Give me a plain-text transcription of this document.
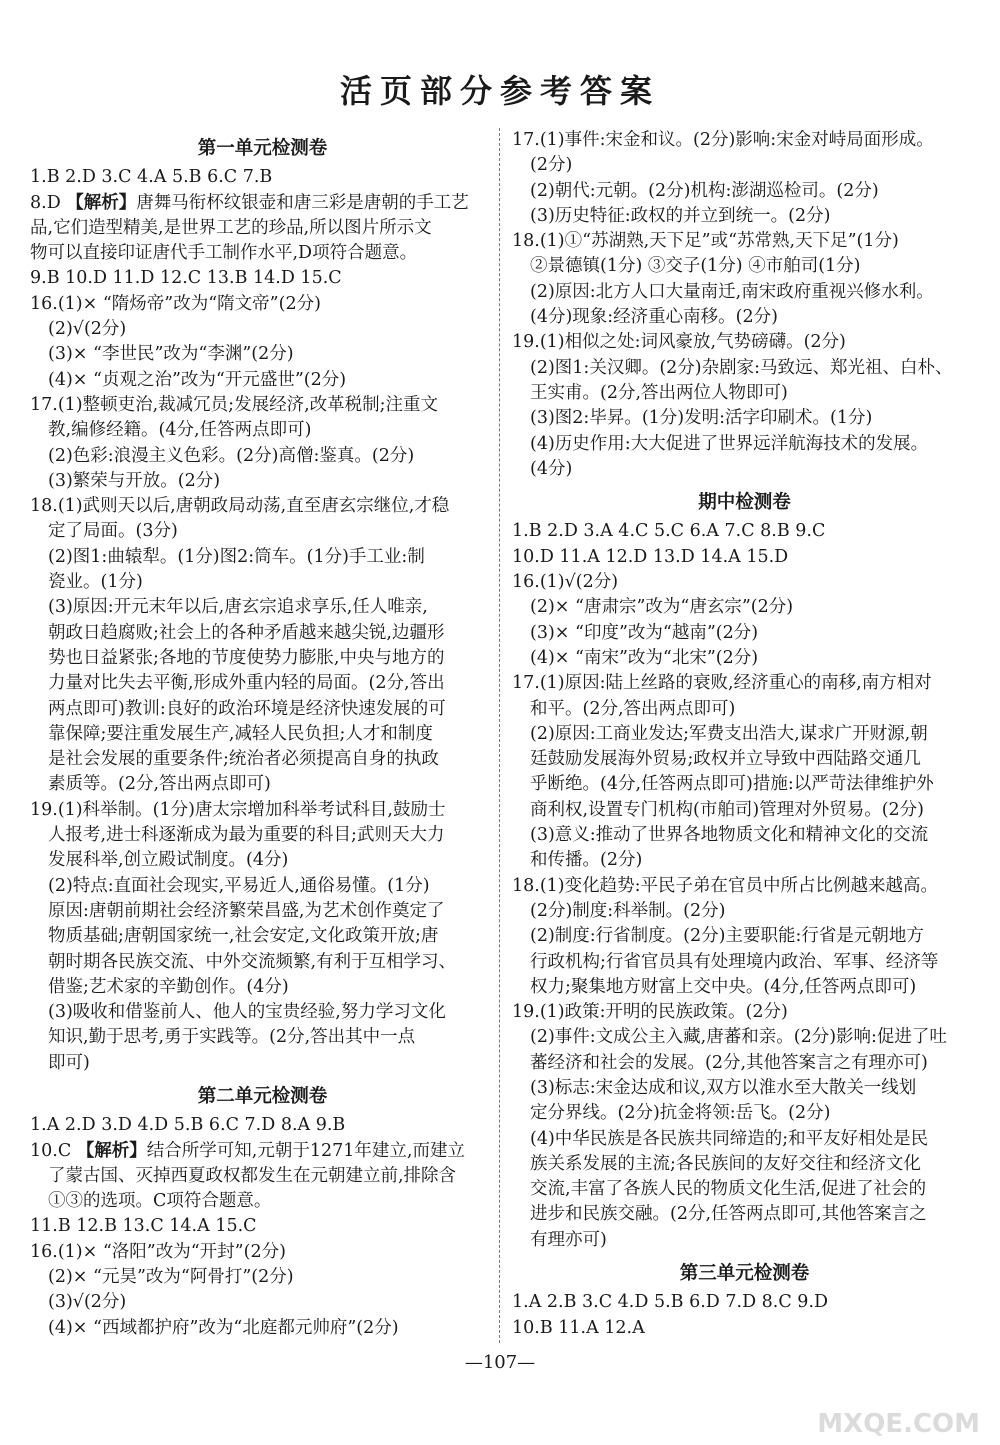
活页部分参考答案
第一单元检测卷
1.B 2.D 3.C 4.A 5.B 6.C 7.B
8.D 【解析】唐舞马衔杯纹银壶和唐三彩是唐朝的手工艺
品,它们造型精美,是世界工艺的珍品,所以图片所示文
物可以直接印证唐代手工制作水平,D项符合题意。
9.B 10.D 11.D 12.C 13.B 14.D 15.C
16.(1)× “隋炀帝”改为“隋文帝”(2分)
(2)√(2分)
(3)× “李世民”改为“李渊”(2分)
(4)× “贞观之治”改为“开元盛世”(2分)
17.(1)整顿吏治,裁减冗员;发展经济,改革税制;注重文
教,编修经籍。(4分,任答两点即可)
(2)色彩:浪漫主义色彩。(2分)高僧:鉴真。(2分)
(3)繁荣与开放。(2分)
18.(1)武则天以后,唐朝政局动荡,直至唐玄宗继位,才稳
定了局面。(3分)
(2)图1:曲辕犁。(1分)图2:筒车。(1分)手工业:制
瓷业。(1分)
(3)原因:开元末年以后,唐玄宗追求享乐,任人唯亲,
朝政日趋腐败;社会上的各种矛盾越来越尖锐,边疆形
势也日益紧张;各地的节度使势力膨胀,中央与地方的
力量对比失去平衡,形成外重内轻的局面。(2分,答出
两点即可)教训:良好的政治环境是经济快速发展的可
靠保障;要注重发展生产,减轻人民负担;人才和制度
是社会发展的重要条件;统治者必须提高自身的执政
素质等。(2分,答出两点即可)
19.(1)科举制。(1分)唐太宗增加科举考试科目,鼓励士
人报考,进士科逐渐成为最为重要的科目;武则天大力
发展科举,创立殿试制度。(4分)
(2)特点:直面社会现实,平易近人,通俗易懂。(1分)
原因:唐朝前期社会经济繁荣昌盛,为艺术创作奠定了
物质基础;唐朝国家统一,社会安定,文化政策开放;唐
朝时期各民族交流、中外交流频繁,有利于互相学习、
借鉴;艺术家的辛勤创作。(4分)
(3)吸收和借鉴前人、他人的宝贵经验,努力学习文化
知识,勤于思考,勇于实践等。(2分,答出其中一点
即可)
第二单元检测卷
1.A 2.D 3.D 4.D 5.B 6.C 7.D 8.A 9.B
10.C 【解析】结合所学可知,元朝于1271年建立,而建立
了蒙古国、灭掉西夏政权都发生在元朝建立前,排除含
①③的选项。C项符合题意。
11.B 12.B 13.C 14.A 15.C
16.(1)× “洛阳”改为“开封”(2分)
(2)× “元昊”改为“阿骨打”(2分)
(3)√(2分)
(4)× “西域都护府”改为“北庭都元帅府”(2分)
17.(1)事件:宋金和议。(2分)影响:宋金对峙局面形成。
(2分)
(2)朝代:元朝。(2分)机构:澎湖巡检司。(2分)
(3)历史特征:政权的并立到统一。(2分)
18.(1)①“苏湖熟,天下足”或“苏常熟,天下足”(1分)
②景德镇(1分) ③交子(1分) ④市舶司(1分)
(2)原因:北方人口大量南迁,南宋政府重视兴修水利。
(4分)现象:经济重心南移。(2分)
19.(1)相似之处:词风豪放,气势磅礴。(2分)
(2)图1:关汉卿。(2分)杂剧家:马致远、郑光祖、白朴、
王实甫。(2分,答出两位人物即可)
(3)图2:毕昇。(1分)发明:活字印刷术。(1分)
(4)历史作用:大大促进了世界远洋航海技术的发展。
(4分)
期中检测卷
1.B 2.D 3.A 4.C 5.C 6.A 7.C 8.B 9.C
10.D 11.A 12.D 13.D 14.A 15.D
16.(1)√(2分)
(2)× “唐肃宗”改为“唐玄宗”(2分)
(3)× “印度”改为“越南”(2分)
(4)× “南宋”改为“北宋”(2分)
17.(1)原因:陆上丝路的衰败,经济重心的南移,南方相对
和平。(2分,答出两点即可)
(2)原因:工商业发达;军费支出浩大,谋求广开财源,朝
廷鼓励发展海外贸易;政权并立导致中西陆路交通几
乎断绝。(4分,任答两点即可)措施:以严苛法律维护外
商利权,设置专门机构(市舶司)管理对外贸易。(2分)
(3)意义:推动了世界各地物质文化和精神文化的交流
和传播。(2分)
18.(1)变化趋势:平民子弟在官员中所占比例越来越高。
(2分)制度:科举制。(2分)
(2)制度:行省制度。(2分)主要职能:行省是元朝地方
行政机构;行省官员具有处理境内政治、军事、经济等
权力;聚集地方财富上交中央。(4分,任答两点即可)
19.(1)政策:开明的民族政策。(2分)
(2)事件:文成公主入藏,唐蕃和亲。(2分)影响:促进了吐
蕃经济和社会的发展。(2分,其他答案言之有理亦可)
(3)标志:宋金达成和议,双方以淮水至大散关一线划
定分界线。(2分)抗金将领:岳飞。(2分)
(4)中华民族是各民族共同缔造的;和平友好相处是民
族关系发展的主流;各民族间的友好交往和经济文化
交流,丰富了各族人民的物质文化生活,促进了社会的
进步和民族交融。(2分,任答两点即可,其他答案言之
有理亦可)
第三单元检测卷
1.A 2.B 3.C 4.D 5.B 6.D 7.D 8.C 9.D
10.B 11.A 12.A
—107—
MXQE.COM
